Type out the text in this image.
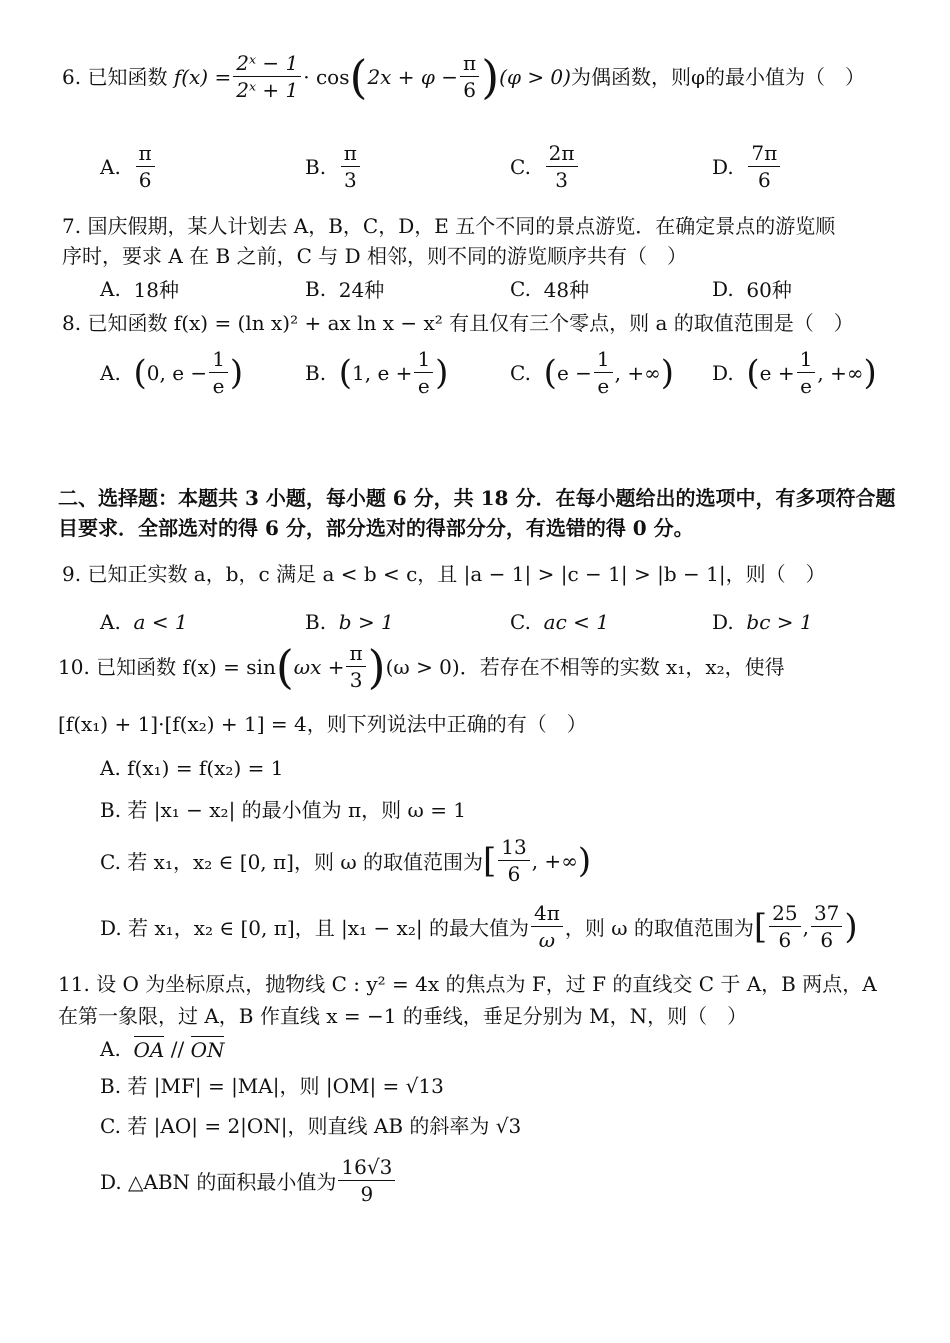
6.
已知函数
$f(x) = \frac{\text{2ˣ − 1}}{\text{2ˣ + 1}} \cdot \cos$ ( $2x + \varphi - \frac{\pi}{6}$ ) (φ > 0) 为偶函数，则φ的最小值为（　）
A.
$\frac{\pi}{6}$	B.
$\frac{\pi}{3}$	C.
$\frac{2\pi}{3}$	D.
$\frac{7\pi}{6}$
7. 国庆假期，某人计划去 A，B，C，D，E 五个不同的景点游览．在确定景点的游览顺
序时，要求 A 在 B 之前，C 与 D 相邻，则不同的游览顺序共有（　）
A.
18种	B.
24种	C.
48种	D.
60种
8. 已知函数 f(x) = (ln x)² + ax ln x − x² 有且仅有三个零点，则 a 的取值范围是（　）
A.
( 0, $e - \frac{1}{e}$ )	B.
( 1, $e + \frac{1}{e}$ )	C.
( $e - \frac{1}{e}$ , +∞ ) D.
( $e + \frac{1}{e}$ , +∞ )
二、选择题：本题共 3 小题，每小题 6 分，共 18 分．在每小题给出的选项中，有多项符合题
目要求．全部选对的得 6 分，部分选对的得部分分，有选错的得 0 分。
9. 已知正实数 a，b，c 满足 a < b < c，且 |a − 1| > |c − 1| > |b − 1|，则（　）
A.
a < 1	B.
b > 1	C.
ac < 1	D.
bc > 1
10. 已知函数 f(x) = sin ( $\omega x + \frac{\pi}{3}$ ) (ω > 0)．若存在不相等的实数 x₁，x₂，使得
[f(x₁) + 1]·[f(x₂) + 1] = 4，则下列说法中正确的有（　）
A. f(x₁) = f(x₂) = 1
B. 若 |x₁ − x₂| 的最小值为 π，则 ω = 1
C. 若 x₁，x₂ ∈ [0, π]，则 ω 的取值范围为 [ $\frac{13}{6}$ , +∞ )
D. 若 x₁，x₂ ∈ [0, π]，且 |x₁ − x₂| 的最大值为 $\frac{4\pi}{\omega}$ ，则 ω 的取值范围为 [ $\frac{25}{6}$ , $\frac{37}{6}$ )
11. 设 O 为坐标原点，抛物线 C : y² = 4x 的焦点为 F，过 F 的直线交 C 于 A，B 两点，A
在第一象限，过 A，B 作直线 x = −1 的垂线，垂足分别为 M，N，则（　）
A.
OA // ON
B. 若 |MF| = |MA|，则 |OM| = √13
C. 若 |AO| = 2|ON|，则直线 AB 的斜率为 √3
D. △ABN 的面积最小值为 $\frac{16√3}{9}$
